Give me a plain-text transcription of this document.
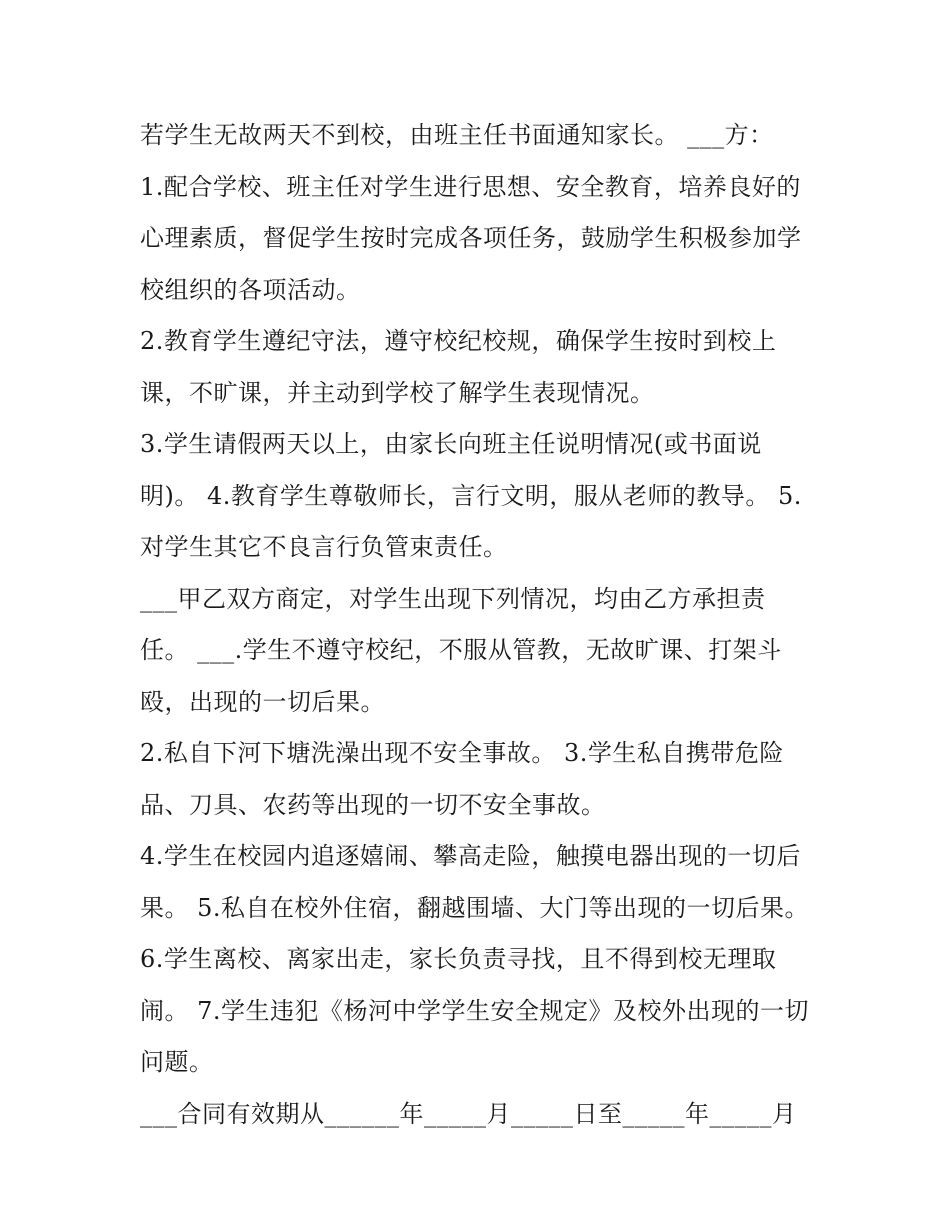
若学生无故两天不到校，由班主任书面通知家长。 ___方：
1.配合学校、班主任对学生进行思想、安全教育，培养良好的
心理素质，督促学生按时完成各项任务，鼓励学生积极参加学
校组织的各项活动。
2.教育学生遵纪守法，遵守校纪校规，确保学生按时到校上
课，不旷课，并主动到学校了解学生表现情况。
3.学生请假两天以上，由家长向班主任说明情况(或书面说
明)。 4.教育学生尊敬师长，言行文明，服从老师的教导。 5.
对学生其它不良言行负管束责任。
___甲乙双方商定，对学生出现下列情况，均由乙方承担责
任。 ___.学生不遵守校纪，不服从管教，无故旷课、打架斗
殴，出现的一切后果。
2.私自下河下塘洗澡出现不安全事故。 3.学生私自携带危险
品、刀具、农药等出现的一切不安全事故。
4.学生在校园内追逐嬉闹、攀高走险，触摸电器出现的一切后
果。 5.私自在校外住宿，翻越围墙、大门等出现的一切后果。
6.学生离校、离家出走，家长负责寻找，且不得到校无理取
闹。 7.学生违犯《杨河中学学生安全规定》及校外出现的一切
问题。
___合同有效期从______年_____月_____日至_____年_____月
